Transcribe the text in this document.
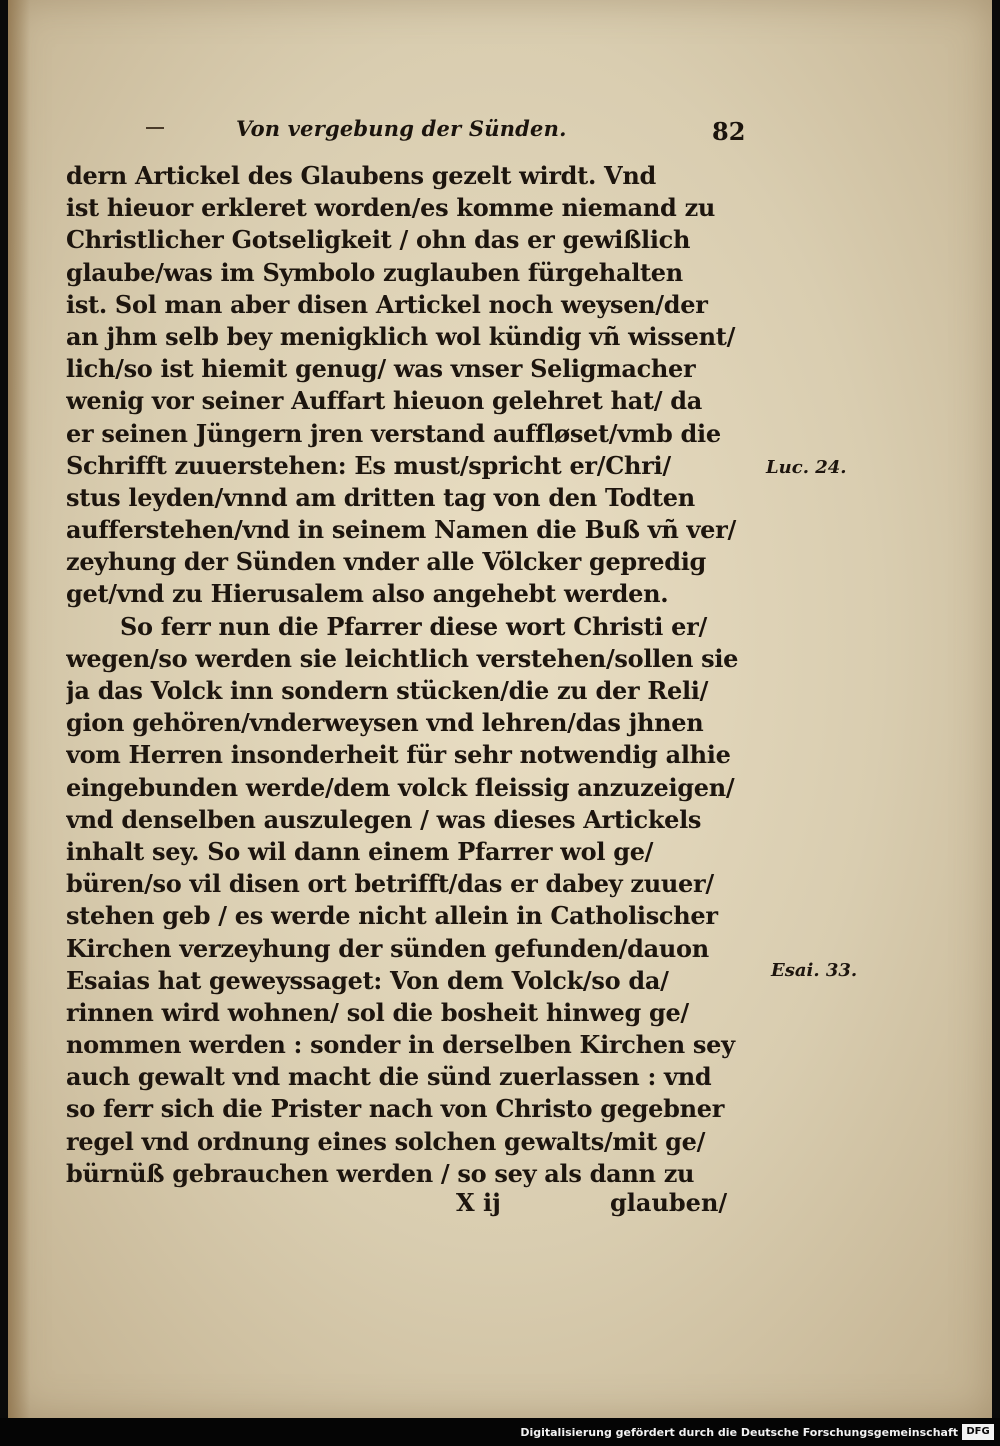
Von vergebung der Sünden.	82
dern Artickel des Glaubens gezelt wirdt. Vnd
ist hieuor erkleret worden/es komme niemand zu
Christlicher Gotseligkeit / ohn das er gewißlich
glaube/was im Symbolo zuglauben fürgehalten
ist. Sol man aber disen Artickel noch weysen/der
an jhm selb bey menigklich wol kündig vñ wissent/
lich/so ist hiemit genug/ was vnser Seligmacher
wenig vor seiner Auffart hieuon gelehret hat/ da
er seinen Jüngern jren verstand auffløset/vmb die
Schrifft zuuerstehen: Es must/spricht er/Chri/
stus leyden/vnnd am dritten tag von den Todten
aufferstehen/vnd in seinem Namen die Buß vñ ver/
zeyhung der Sünden vnder alle Völcker geprediɡ
get/vnd zu Hierusalem also angehebt werden.
So ferr nun die Pfarrer diese wort Christi er/
wegen/so werden sie leichtlich verstehen/sollen sie
ja das Volck inn sondern stücken/die zu der Reli/
gion gehören/vnderweysen vnd lehren/das jhnen
vom Herren insonderheit für sehr notwendig alhie
eingebunden werde/dem volck fleissig anzuzeigen/
vnd denselben auszulegen / was dieses Artickels
inhalt sey. So wil dann einem Pfarrer wol ge/
büren/so vil disen ort betrifft/das er dabey zuuer/
stehen geb / es werde nicht allein in Catholischer
Kirchen verzeyhung der sünden gefunden/dauon
Esaias hat geweyssaget: Von dem Volck/so da/
rinnen wird wohnen/ sol die bosheit hinweg ge/
nommen werden : sonder in derselben Kirchen sey
auch gewalt vnd macht die sünd zuerlassen : vnd
so ferr sich die Prister nach von Christo gegebner
regel vnd ordnung eines solchen gewalts/mit ge/
bürnüß gebrauchen werden / so sey als dann zu
Luc. 24.
Esai. 33.
X ij	glauben/
Digitalisierung gefördert durch die Deutsche Forschungsgemeinschaft DFG
